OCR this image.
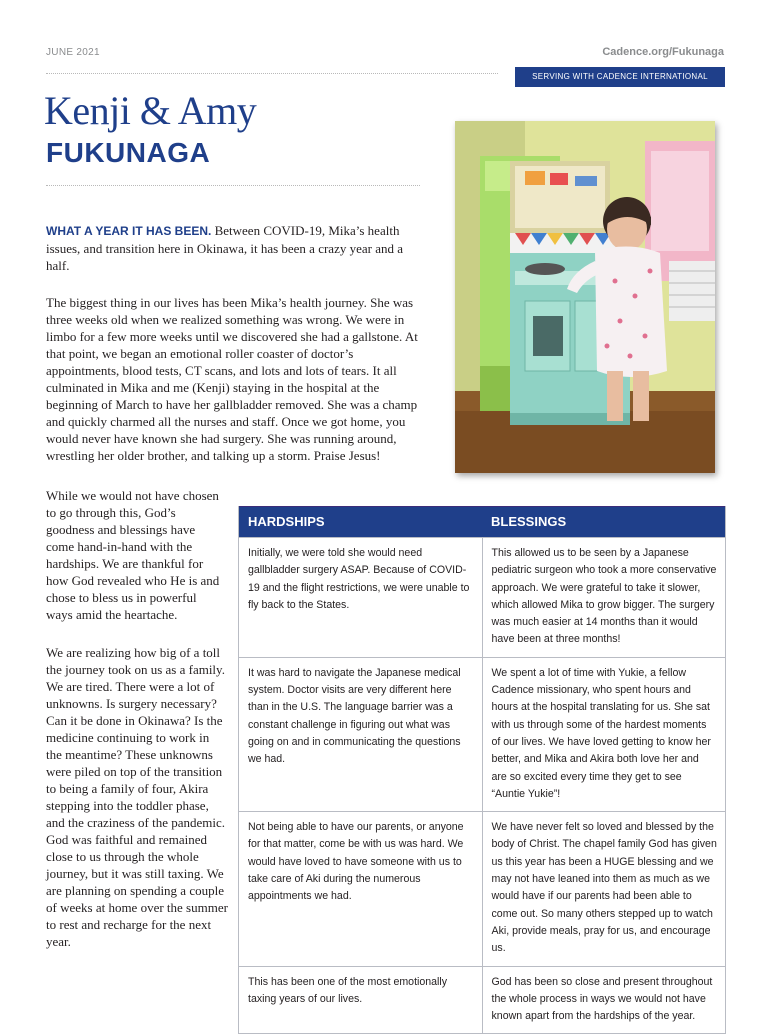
JUNE 2021	Cadence.org/Fukunaga
SERVING WITH CADENCE INTERNATIONAL
Kenji & Amy
FUKUNAGA
WHAT A YEAR IT HAS BEEN. Between COVID-19, Mika’s health issues, and transition here in Okinawa, it has been a crazy year and a half.
The biggest thing in our lives has been Mika’s health journey. She was three weeks old when we realized something was wrong. We were in limbo for a few more weeks until we discovered she had a gallstone. At that point, we began an emotional roller coaster of doctor’s appointments, blood tests, CT scans, and lots and lots of tears. It all culminated in Mika and me (Kenji) staying in the hospital at the beginning of March to have her gallbladder removed. She was a champ and quickly charmed all the nurses and staff. Once we got home, you would never have known she had surgery. She was running around, wrestling her older brother, and talking up a storm. Praise Jesus!
While we would not have chosen to go through this, God’s goodness and blessings have come hand-in-hand with the hardships. We are thankful for how God revealed who He is and chose to bless us in powerful ways amid the heartache.
We are realizing how big of a toll the journey took on us as a family. We are tired. There were a lot of unknowns. Is surgery necessary? Can it be done in Okinawa? Is the medicine continuing to work in the meantime? These unknowns were piled on top of the transition to being a family of four, Akira stepping into the toddler phase, and the craziness of the pandemic. God was faithful and remained close to us through the whole journey, but it was still taxing. We are planning on spending a couple of weeks at home over the summer to rest and recharge for the next year.
HARDSHIPS	BLESSINGS
Initially, we were told she would need gallbladder surgery ASAP. Because of COVID-19 and the flight restrictions, we were unable to fly back to the States.
This allowed us to be seen by a Japanese pediatric surgeon who took a more conservative approach. We were grateful to take it slower, which allowed Mika to grow bigger. The surgery was much easier at 14 months than it would have been at three months!
It was hard to navigate the Japanese medical system. Doctor visits are very different here than in the U.S. The language barrier was a constant challenge in figuring out what was going on and in communicating the questions we had.
We spent a lot of time with Yukie, a fellow Cadence missionary, who spent hours and hours at the hospital translating for us. She sat with us through some of the hardest moments of our lives. We have loved getting to know her better, and Mika and Akira both love her and are so excited every time they get to see “Auntie Yukie”!
Not being able to have our parents, or anyone for that matter, come be with us was hard. We would have loved to have someone with us to take care of Aki during the numerous appointments we had.
We have never felt so loved and blessed by the body of Christ. The chapel family God has given us this year has been a HUGE blessing and we may not have leaned into them as much as we would have if our parents had been able to come out. So many others stepped up to watch Aki, provide meals, pray for us, and encourage us.
This has been one of the most emotionally taxing years of our lives.
God has been so close and present throughout the whole process in ways we would not have known apart from the hardships of the year.
